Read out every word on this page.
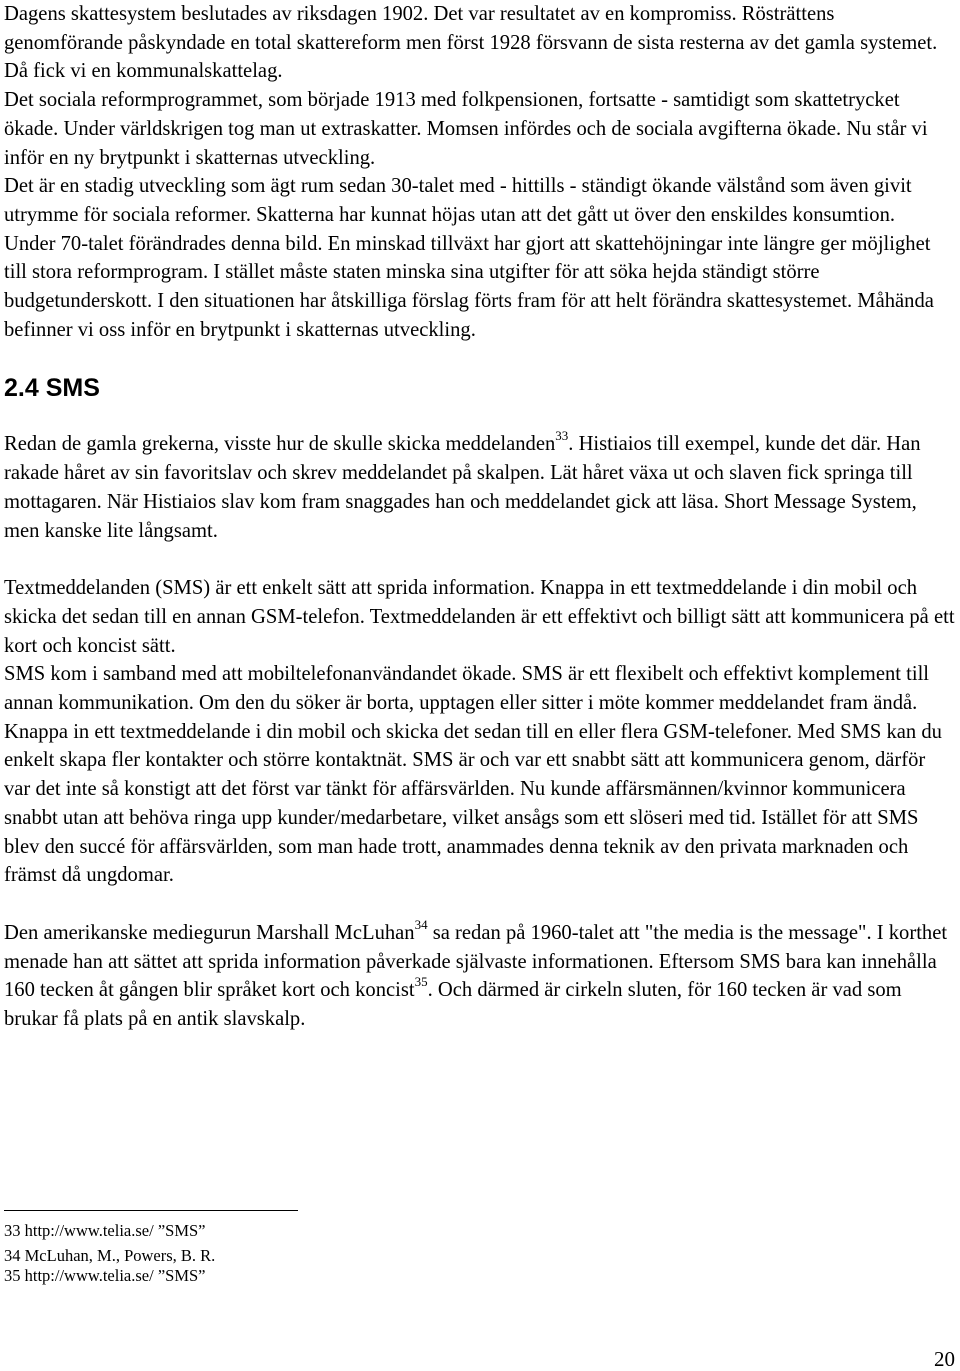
Dagens skattesystem beslutades av riksdagen 1902. Det var resultatet av en kompromiss. Rösträttens genomförande påskyndade en total skattereform men först 1928 försvann de sista resterna av det gamla systemet. Då fick vi en kommunalskattelag.

Det sociala reformprogrammet, som började 1913 med folkpensionen, fortsatte - samtidigt som skattetrycket ökade. Under världskrigen tog man ut extraskatter. Momsen infördes och de sociala avgifterna ökade. Nu står vi inför en ny brytpunkt i skatternas utveckling.

Det är en stadig utveckling som ägt rum sedan 30-talet med - hittills - ständigt ökande välstånd som även givit utrymme för sociala reformer. Skatterna har kunnat höjas utan att det gått ut över den enskildes konsumtion.

Under 70-talet förändrades denna bild. En minskad tillväxt har gjort att skattehöjningar inte längre ger möjlighet till stora reformprogram. I stället måste staten minska sina utgifter för att söka hejda ständigt större budgetunderskott. I den situationen har åtskilliga förslag förts fram för att helt förändra skattesystemet. Måhända befinner vi oss inför en brytpunkt i skatternas utveckling.

2.4 SMS

Redan de gamla grekerna, visste hur de skulle skicka meddelanden$^{33}$. Histiaios till exempel, kunde det där. Han rakade håret av sin favoritslav och skrev meddelandet på skalpen. Lät håret växa ut och slaven fick springa till mottagaren. När Histiaios slav kom fram snaggades han och meddelandet gick att läsa. Short Message System, men kanske lite långsamt.

Textmeddelanden (SMS) är ett enkelt sätt att sprida information. Knappa in ett textmeddelande i din mobil och skicka det sedan till en annan GSM-telefon. Textmeddelanden är ett effektivt och billigt sätt att kommunicera på ett kort och koncist sätt.

SMS kom i samband med att mobiltelefonanvändandet ökade. SMS är ett flexibelt och effektivt komplement till annan kommunikation. Om den du söker är borta, upptagen eller sitter i möte kommer meddelandet fram ändå. Knappa in ett textmeddelande i din mobil och skicka det sedan till en eller flera GSM-telefoner. Med SMS kan du enkelt skapa fler kontakter och större kontaktnät. SMS är och var ett snabbt sätt att kommunicera genom, därför var det inte så konstigt att det först var tänkt för affärsvärlden. Nu kunde affärsmännen/kvinnor kommunicera snabbt utan att behöva ringa upp kunder/medarbetare, vilket ansågs som ett slöseri med tid. Istället för att SMS blev den succé för affärsvärlden, som man hade trott, anammades denna teknik av den privata marknaden och främst då ungdomar.

Den amerikanske mediegurun Marshall McLuhan$^{34}$ sa redan på 1960-talet att "the media is the message". I korthet menade han att sättet att sprida information påverkade självaste informationen. Eftersom SMS bara kan innehålla 160 tecken åt gången blir språket kort och koncist$^{35}$. Och därmed är cirkeln sluten, för 160 tecken är vad som brukar få plats på en antik slavskalp.

33 http://www.telia.se/ ”SMS”
34 McLuhan, M., Powers, B. R.
35 http://www.telia.se/ ”SMS”
20
